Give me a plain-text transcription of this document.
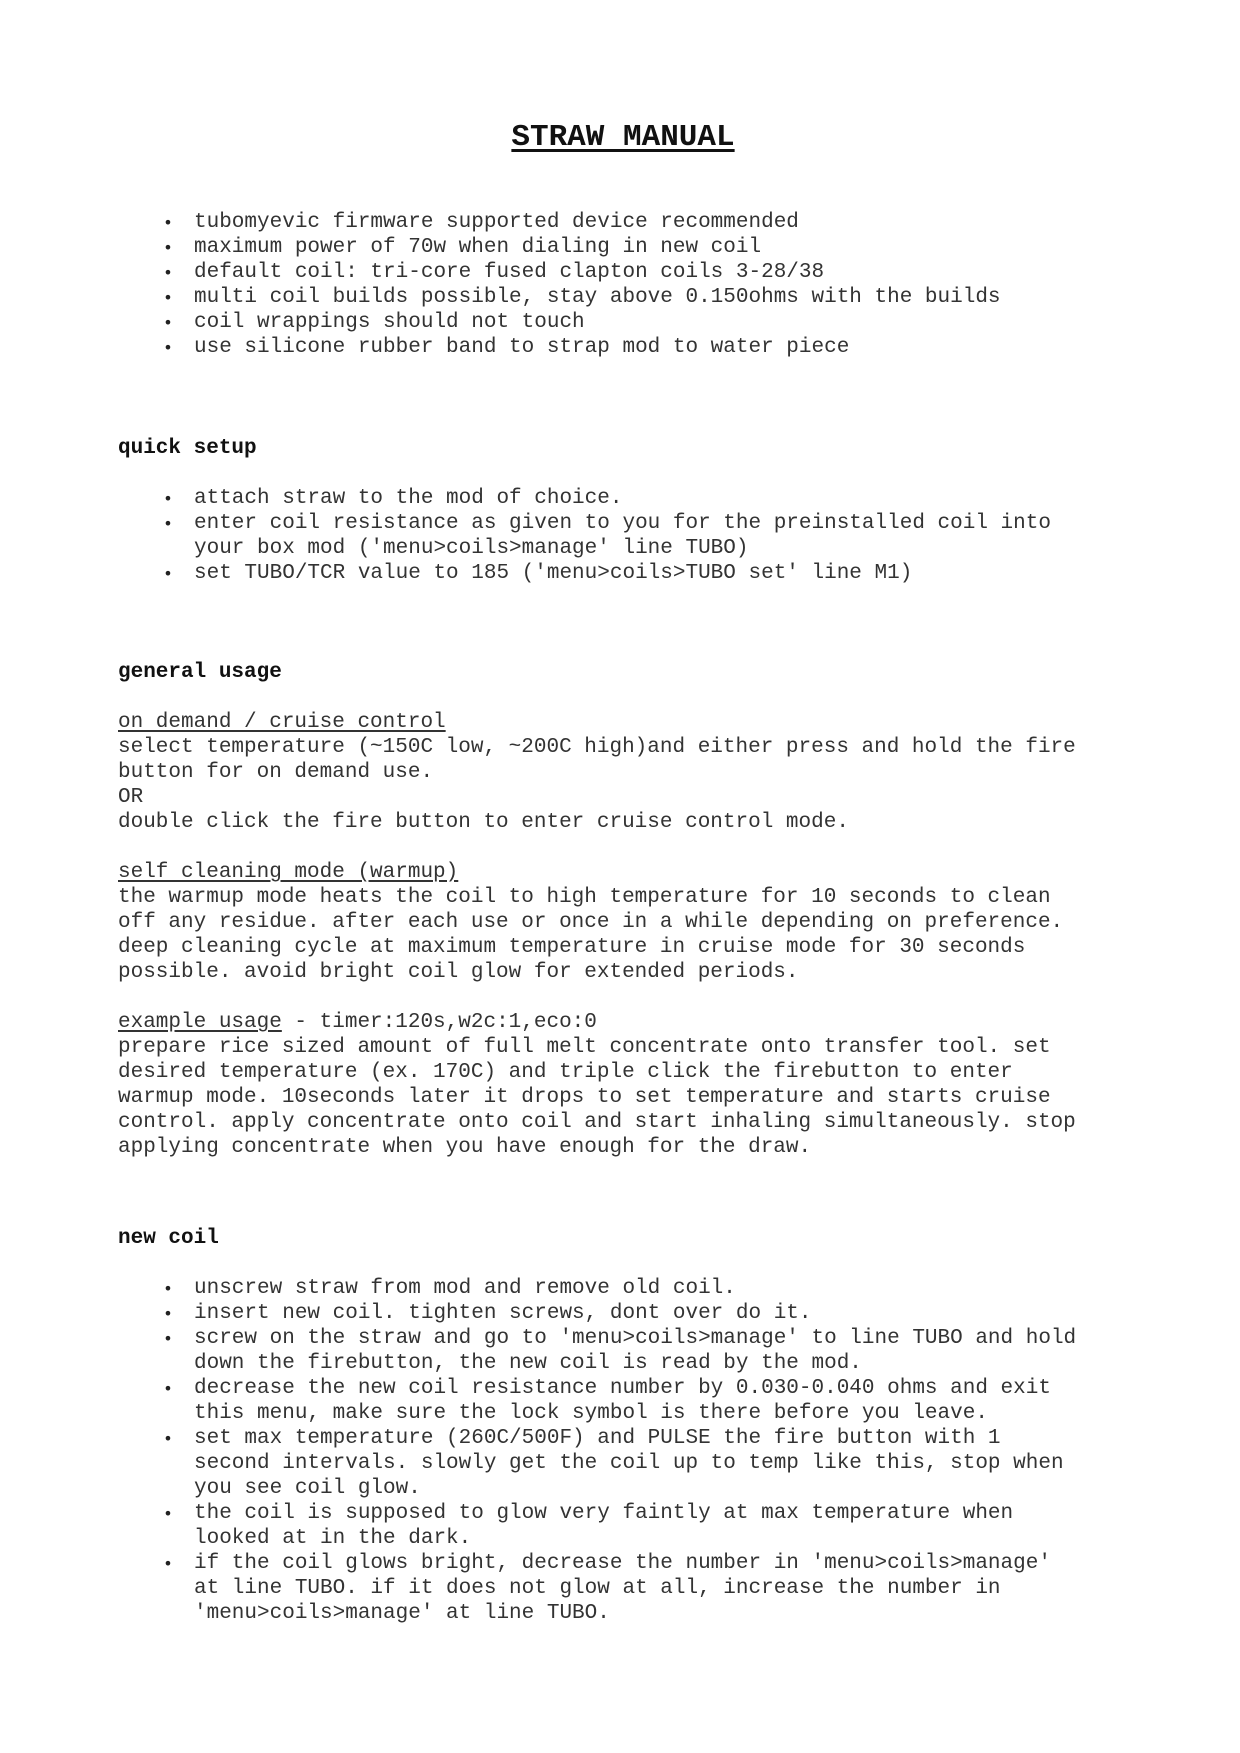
STRAW MANUAL
• tubomyevic firmware supported device recommended
• maximum power of 70w when dialing in new coil
• default coil: tri-core fused clapton coils 3-28/38
• multi coil builds possible, stay above 0.150ohms with the builds
• coil wrappings should not touch
• use silicone rubber band to strap mod to water piece
quick setup
• attach straw to the mod of choice.
• enter coil resistance as given to you for the preinstalled coil into
your box mod ('menu>coils>manage' line TUBO)
• set TUBO/TCR value to 185 ('menu>coils>TUBO set' line M1)
general usage
on demand / cruise control

select temperature (~150C low, ~200C high)and either press and hold the fire
button for on demand use.

OR

double click the fire button to enter cruise control mode.

self cleaning mode (warmup)

the warmup mode heats the coil to high temperature for 10 seconds to clean
off any residue. after each use or once in a while depending on preference.
deep cleaning cycle at maximum temperature in cruise mode for 30 seconds
possible. avoid bright coil glow for extended periods.

example usage - timer:120s,w2c:1,eco:0

prepare rice sized amount of full melt concentrate onto transfer tool. set
desired temperature (ex. 170C) and triple click the firebutton to enter
warmup mode. 10seconds later it drops to set temperature and starts cruise
control. apply concentrate onto coil and start inhaling simultaneously. stop
applying concentrate when you have enough for the draw.

new coil
• unscrew straw from mod and remove old coil.
• insert new coil. tighten screws, dont over do it.
• screw on the straw and go to 'menu>coils>manage' to line TUBO and hold
down the firebutton, the new coil is read by the mod.
• decrease the new coil resistance number by 0.030-0.040 ohms and exit
this menu, make sure the lock symbol is there before you leave.
• set max temperature (260C/500F) and PULSE the fire button with 1
second intervals. slowly get the coil up to temp like this, stop when
you see coil glow.
• the coil is supposed to glow very faintly at max temperature when
looked at in the dark.
• if the coil glows bright, decrease the number in 'menu>coils>manage'
at line TUBO. if it does not glow at all, increase the number in
'menu>coils>manage' at line TUBO.
